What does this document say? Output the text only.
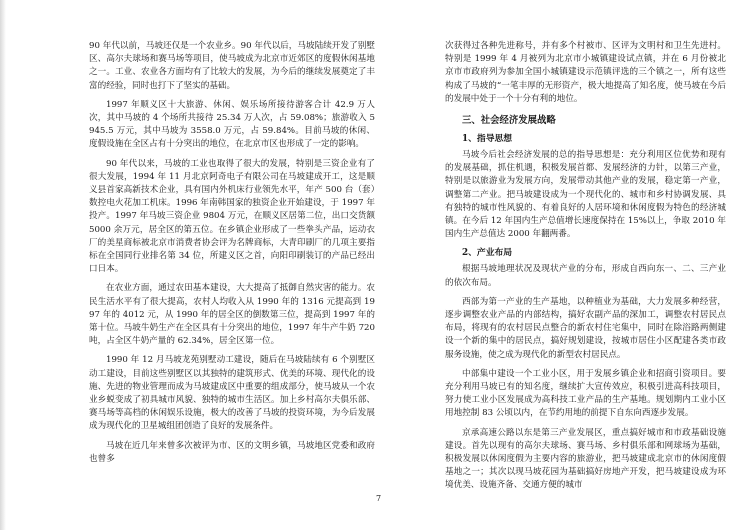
90 年代以前，马坡还仅是一个农业乡。90 年代以后，马坡陆续开发了别墅区、高尔夫球场和赛马场等项目，使马坡成为北京市近郊区的度假休闲基地之一。工业、农业各方面均有了比较大的发展，为今后的继续发展奠定了丰富的经验，同时也打下了坚实的基础。

1997 年顺义区十大旅游、休闲、娱乐场所接待游客合计 42.9 万人次，其中马坡的 4 个场所共接待 25.34 万人次，占 59.08%；旅游收入 5945.5 万元，其中马坡为 3558.0 万元，占 59.84%。目前马坡的休闲、度假设施在全区占有十分突出的地位，在北京市区也形成了一定的影响。

90 年代以来，马坡的工业也取得了很大的发展，特别是三资企业有了很大发展，1994 年 11 月北京阿奇电子有限公司在马坡建成开工，这是顺义县首家高新技术企业，具有国内外机床行业领先水平，年产 500 台（套）数控电火花加工机床。1996 年南韩国家的独资企业开始建设，于 1997 年投产。1997 年马坡三资企业 9804 万元，在顺义区居第二位，出口交货额 5000 余万元，居全区的第五位。在乡镇企业形成了一些拳头产品，运动衣厂的美星商标被北京市消费者协会评为名牌商标，大青印刷厂的几项主要指标在全国同行业排名第 34 位，所建义区之首，向阳印刷装订的产品已经出口日本。

在农业方面，通过农田基本建设，大大提高了抵御自然灾害的能力。农民生活水平有了很大提高，农村人均收入从 1990 年的 1316 元提高到 1997 年的 4012 元，从 1990 年的居全区的倒数第三位，提高到 1997 年的第十位。马坡牛奶生产在全区具有十分突出的地位，1997 年牛产牛奶 720 吨，占全区牛奶产量的 62.34%，居全区第一位。

1990 年 12 月马坡龙苑别墅动工建设，随后在马坡陆续有 6 个别墅区动工建设，目前这些别墅区以其独特的建筑形式、优美的环境、现代化的设施、先进的物业管理而成为马坡建成区中重要的组成部分，使马坡从一个农业乡蜕变成了初具城市风貌、独特的城市生活区。加上乡村高尔夫俱乐部、赛马场等高档的休闲娱乐设施，极大的改善了马坡的投资环境，为今后发展成为现代化的卫星城组团创造了良好的发展条件。

马坡在近几年来曾多次被评为市、区的文明乡镇，马坡地区党委和政府也曾多

次获得过各种先进称号，并有多个村被市、区评为文明村和卫生先进村。特别是 1999 年 4 月被列为北京市小城镇建设试点镇，并在 6 月份被北京市市政府列为参加全国小城镇建设示范镇评选的三个镇之一，所有这些构成了马坡的“一笔丰厚的无形资产，极大地提高了知名度，使马坡在今后的发展中处于一个十分有利的地位。

三、社会经济发展战略
1、指导思想

马坡今后社会经济发展的总的指导思想是：充分利用区位优势和现有的发展基础，抓住机遇，积极发展首都、发展经济的力针，以第三产业，特别是以旅游业为发展方向，发展带动其他产业的发展，稳定第一产业，调整第二产业。把马坡建设成为一个现代化的、城市和乡村协调发展、具有独特的城市性风貌的、有着良好的人居环境和休闲度假为特色的经济城镇。在今后 12 年国内生产总值增长速度保持在 15%以上，争取 2010 年国内生产总值达 2000 年翻两番。

2、产业布局

根据马坡地理状况及现状产业的分布，形成自西向东一、二、三产业的依次布局。

西部为第一产业的生产基地，以种植业为基础，大力发展多种经营，逐步调整农业产品的内部结构，搞好农副产品的深加工，调整农村居民点布局，将现有的农村居民点整合的新农村住宅集中，同时在除浴路两侧建设一个新的集中的居民点，搞好规划建设，按城市居住小区配建各类市政服务设施，使之成为现代化的新型农村居民点。

中部集中建设一个工业小区，用于发展乡镇企业和招商引资项目。要充分利用马坡已有的知名度，继续扩大宣传效应，积极引进高科技项目，努力使工业小区发展成为高科技工业产品的生产基地。规划期内工业小区用地控制 83 公顷以内，在节约用地的前提下自东向西逐步发展。

京承高速公路以东是第三产业发展区，重点搞好城市和市政基础设施建设。首先以现有的高尔夫球场、赛马场、乡村俱乐部和网球场为基础，积极发展以休闲度假为主要内容的旅游业，把马坡建成北京市的休闲度假基地之一；其次以现马坡花园为基础搞好房地产开发，把马坡建设成为环境优美、设施齐备、交通方便的城市

7
